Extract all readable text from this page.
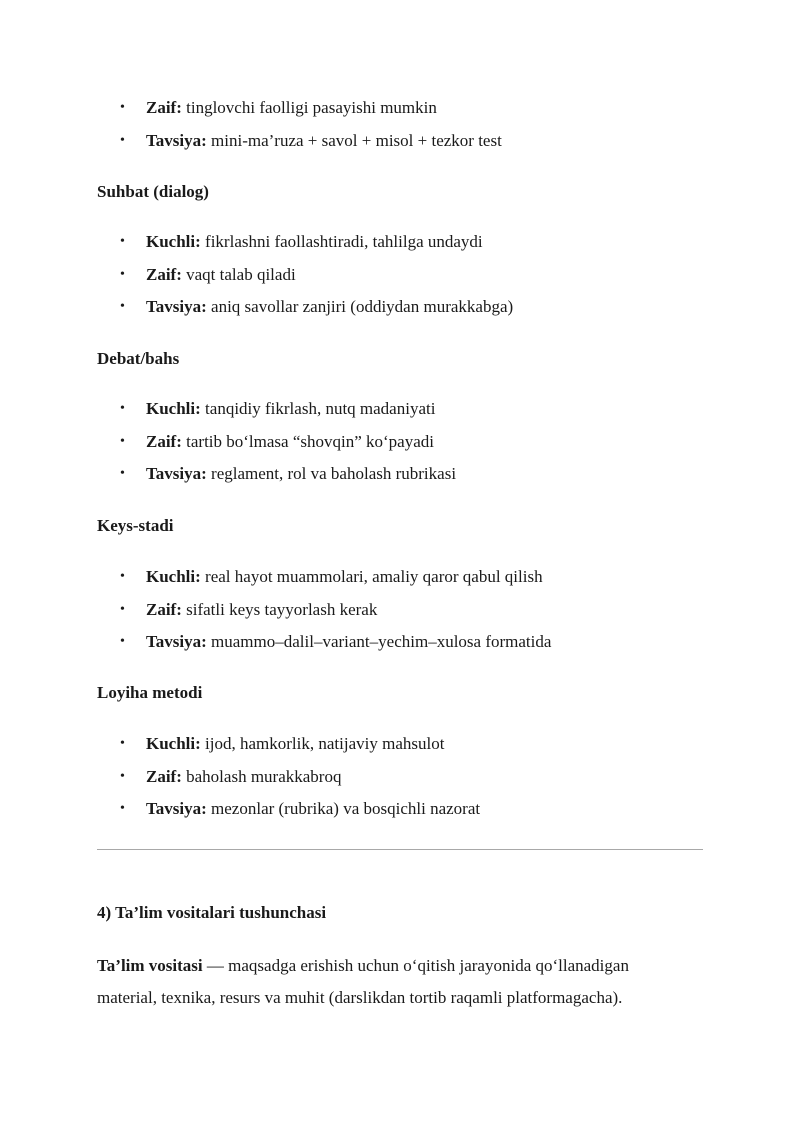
• Zaif: tinglovchi faolligi pasayishi mumkin
• Tavsiya: mini-ma’ruza + savol + misol + tezkor test
Suhbat (dialog)
• Kuchli: fikrlashni faollashtiradi, tahlilga undaydi
• Zaif: vaqt talab qiladi
• Tavsiya: aniq savollar zanjiri (oddiydan murakkabga)
Debat/bahs
• Kuchli: tanqidiy fikrlash, nutq madaniyati
• Zaif: tartib bo‘lmasa “shovqin” ko‘payadi
• Tavsiya: reglament, rol va baholash rubrikasi
Keys-stadi
• Kuchli: real hayot muammolari, amaliy qaror qabul qilish
• Zaif: sifatli keys tayyorlash kerak
• Tavsiya: muammo–dalil–variant–yechim–xulosa formatida
Loyiha metodi
• Kuchli: ijod, hamkorlik, natijaviy mahsulot
• Zaif: baholash murakkabroq
• Tavsiya: mezonlar (rubrika) va bosqichli nazorat
4) Ta’lim vositalari tushunchasi
Ta’lim vositasi — maqsadga erishish uchun o‘qitish jarayonida qo‘llanadigan
material, texnika, resurs va muhit (darslikdan tortib raqamli platformagacha).
